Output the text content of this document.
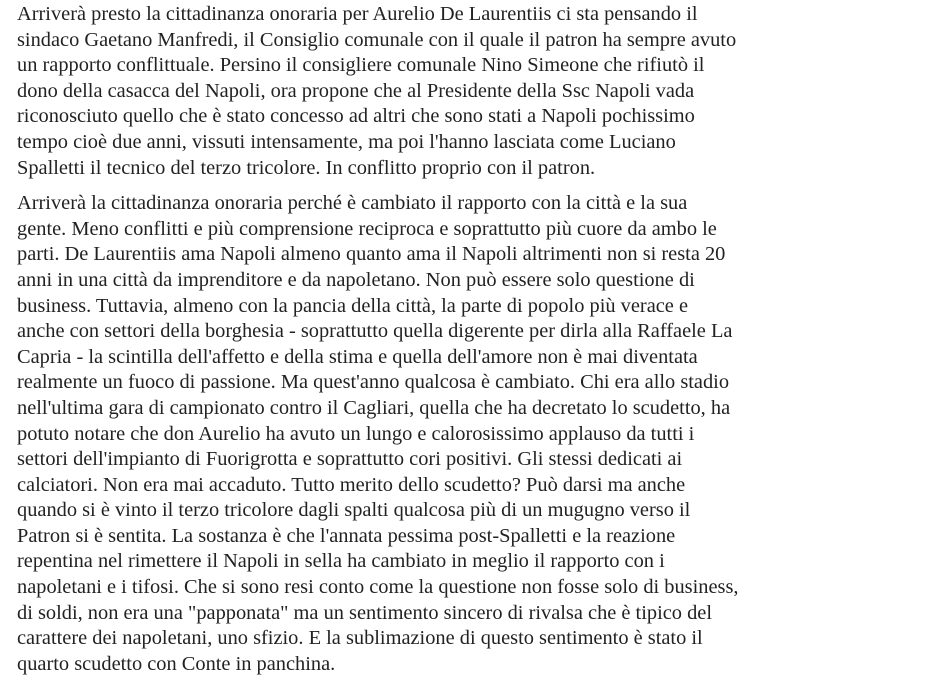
Arriverà presto la cittadinanza onoraria per Aurelio De Laurentiis ci sta pensando il
sindaco Gaetano Manfredi, il Consiglio comunale con il quale il patron ha sempre avuto
un rapporto conflittuale. Persino il consigliere comunale Nino Simeone che rifiutò il
dono della casacca del Napoli, ora propone che al Presidente della Ssc Napoli vada
riconosciuto quello che è stato concesso ad altri che sono stati a Napoli pochissimo
tempo cioè due anni, vissuti intensamente, ma poi l'hanno lasciata come Luciano
Spalletti il tecnico del terzo tricolore. In conflitto proprio con il patron.

Arriverà la cittadinanza onoraria perché è cambiato il rapporto con la città e la sua
gente. Meno conflitti e più comprensione reciproca e soprattutto più cuore da ambo le
parti. De Laurentiis ama Napoli almeno quanto ama il Napoli altrimenti non si resta 20
anni in una città da imprenditore e da napoletano. Non può essere solo questione di
business. Tuttavia, almeno con la pancia della città, la parte di popolo più verace e
anche con settori della borghesia - soprattutto quella digerente per dirla alla Raffaele La
Capria - la scintilla dell'affetto e della stima e quella dell'amore non è mai diventata
realmente un fuoco di passione. Ma quest'anno qualcosa è cambiato. Chi era allo stadio
nell'ultima gara di campionato contro il Cagliari, quella che ha decretato lo scudetto, ha
potuto notare che don Aurelio ha avuto un lungo e calorosissimo applauso da tutti i
settori dell'impianto di Fuorigrotta e soprattutto cori positivi. Gli stessi dedicati ai
calciatori. Non era mai accaduto. Tutto merito dello scudetto? Può darsi ma anche
quando si è vinto il terzo tricolore dagli spalti qualcosa più di un mugugno verso il
Patron si è sentita. La sostanza è che l'annata pessima post-Spalletti e la reazione
repentina nel rimettere il Napoli in sella ha cambiato in meglio il rapporto con i
napoletani e i tifosi. Che si sono resi conto come la questione non fosse solo di business,
di soldi, non era una "papponata" ma un sentimento sincero di rivalsa che è tipico del
carattere dei napoletani, uno sfizio. E la sublimazione di questo sentimento è stato il
quarto scudetto con Conte in panchina.
